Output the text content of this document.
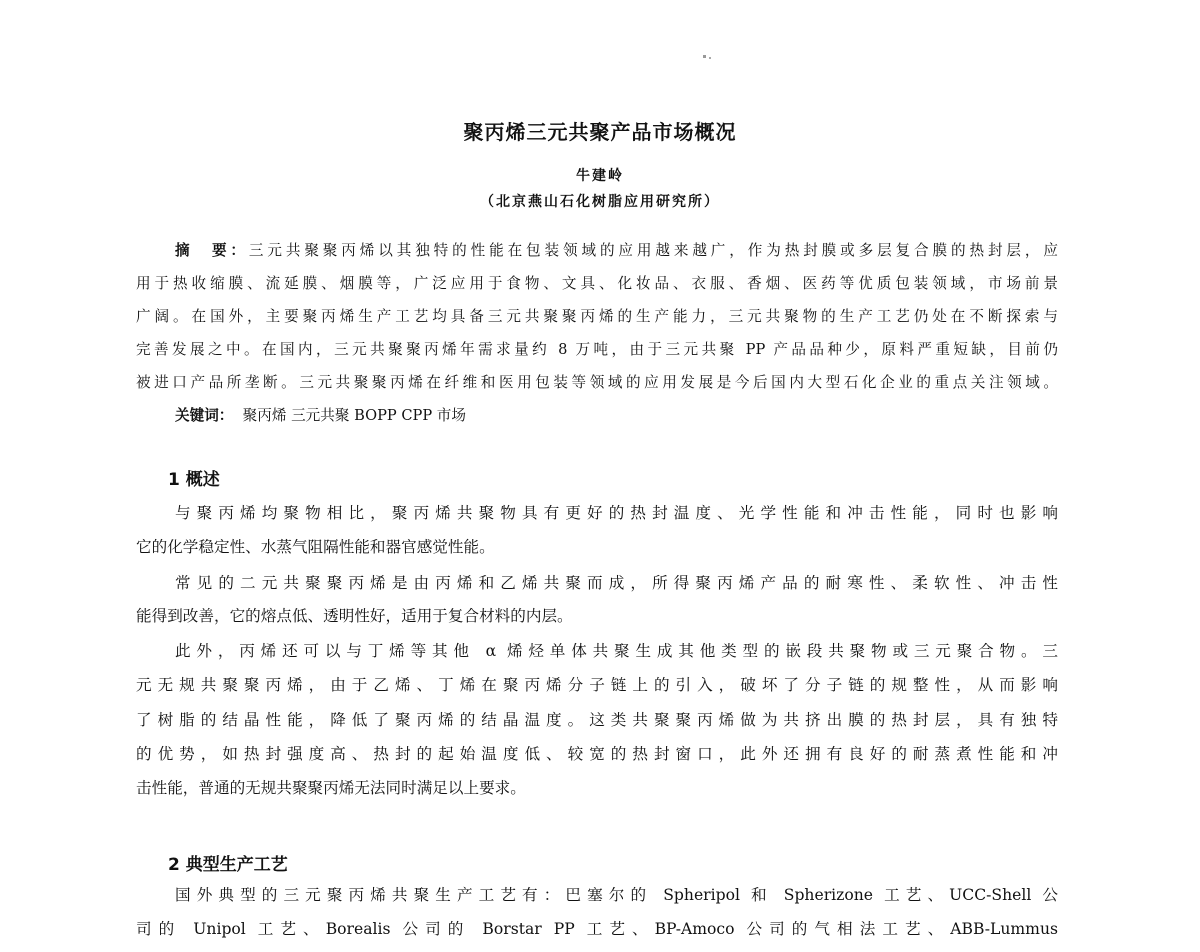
聚丙烯三元共聚产品市场概况
牛建岭
（北京燕山石化树脂应用研究所）
摘　要：三元共聚聚丙烯以其独特的性能在包装领域的应用越来越广，作为热封膜或多层复合膜的热封层，应
用于热收缩膜、流延膜、烟膜等，广泛应用于食物、文具、化妆品、衣服、香烟、医药等优质包装领域，市场前景
广阔。在国外，主要聚丙烯生产工艺均具备三元共聚聚丙烯的生产能力，三元共聚物的生产工艺仍处在不断探索与
完善发展之中。在国内，三元共聚聚丙烯年需求量约 8 万吨，由于三元共聚 PP 产品品种少，原料严重短缺，目前仍
被进口产品所垄断。三元共聚聚丙烯在纤维和医用包装等领域的应用发展是今后国内大型石化企业的重点关注领域。
关键词： 聚丙烯 三元共聚 BOPP CPP 市场
1 概述
与聚丙烯均聚物相比，聚丙烯共聚物具有更好的热封温度、光学性能和冲击性能，同时也影响
它的化学稳定性、水蒸气阻隔性能和器官感觉性能。
常见的二元共聚聚丙烯是由丙烯和乙烯共聚而成，所得聚丙烯产品的耐寒性、柔软性、冲击性
能得到改善，它的熔点低、透明性好，适用于复合材料的内层。
此外，丙烯还可以与丁烯等其他 α 烯烃单体共聚生成其他类型的嵌段共聚物或三元聚合物。三
元无规共聚聚丙烯，由于乙烯、丁烯在聚丙烯分子链上的引入，破坏了分子链的规整性，从而影响
了树脂的结晶性能，降低了聚丙烯的结晶温度。这类共聚聚丙烯做为共挤出膜的热封层，具有独特
的优势，如热封强度高、热封的起始温度低、较宽的热封窗口，此外还拥有良好的耐蒸煮性能和冲
击性能，普通的无规共聚聚丙烯无法同时满足以上要求。
2 典型生产工艺
国外典型的三元聚丙烯共聚生产工艺有：巴塞尔的 Spheripol 和 Spherizone 工艺、UCC-Shell 公
司的 Unipol 工艺、Borealis 公司的 Borstar PP 工艺、BP-Amoco 公司的气相法工艺、ABB-Lummus
